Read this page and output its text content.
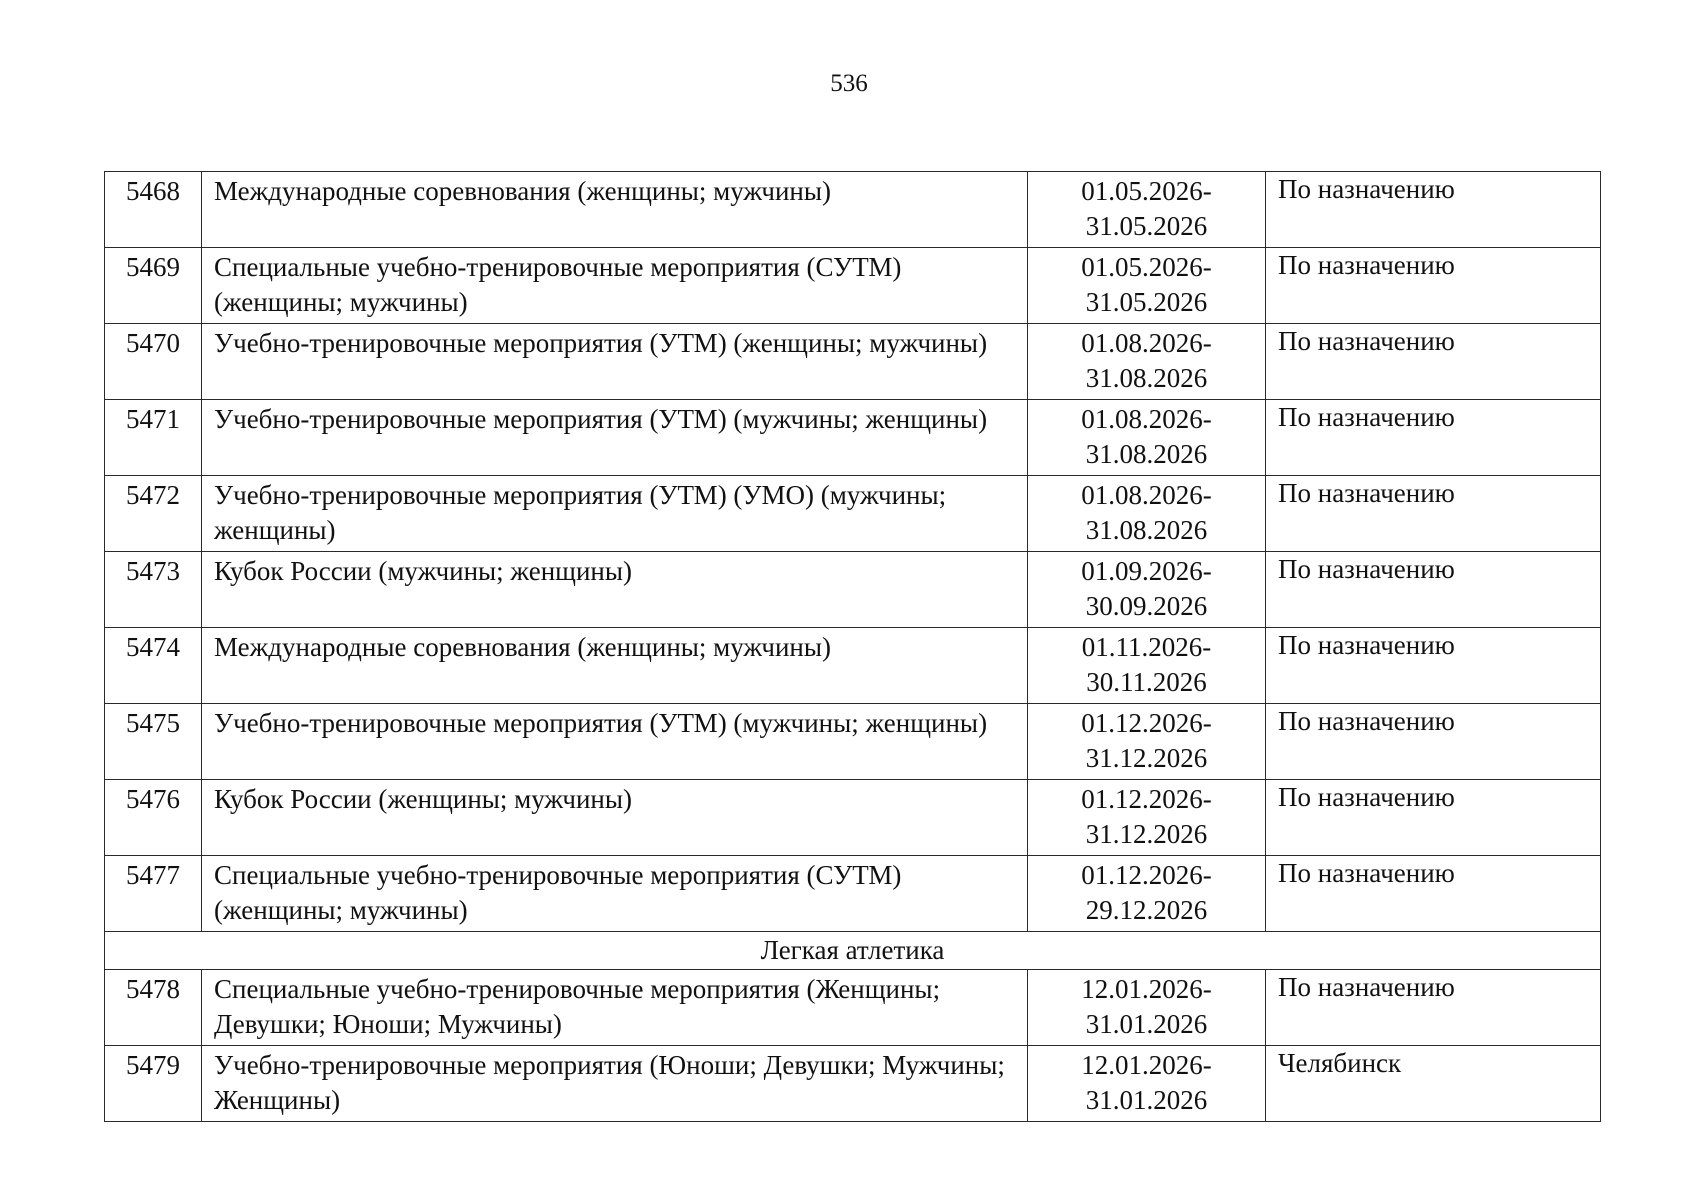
536
5468	Международные соревнования (женщины; мужчины)	01.05.2026-
31.05.2026	По назначению
5469	Специальные учебно-тренировочные мероприятия (СУТМ) (женщины; мужчины)	01.05.2026-
31.05.2026	По назначению
5470	Учебно-тренировочные мероприятия (УТМ) (женщины; мужчины)	01.08.2026-
31.08.2026	По назначению
5471	Учебно-тренировочные мероприятия (УТМ) (мужчины; женщины)	01.08.2026-
31.08.2026	По назначению
5472	Учебно-тренировочные мероприятия (УТМ) (УМО) (мужчины; женщины)	01.08.2026-
31.08.2026	По назначению
5473	Кубок России (мужчины; женщины)	01.09.2026-
30.09.2026	По назначению
5474	Международные соревнования (женщины; мужчины)	01.11.2026-
30.11.2026	По назначению
5475	Учебно-тренировочные мероприятия (УТМ) (мужчины; женщины)	01.12.2026-
31.12.2026	По назначению
5476	Кубок России (женщины; мужчины)	01.12.2026-
31.12.2026	По назначению
5477	Специальные учебно-тренировочные мероприятия (СУТМ) (женщины; мужчины)	01.12.2026-
29.12.2026	По назначению
Легкая атлетика			
5478	Специальные учебно-тренировочные мероприятия (Женщины; Девушки; Юноши; Мужчины)	12.01.2026-
31.01.2026	По назначению
5479	Учебно-тренировочные мероприятия (Юноши; Девушки; Мужчины; Женщины)	12.01.2026-
31.01.2026	Челябинск
